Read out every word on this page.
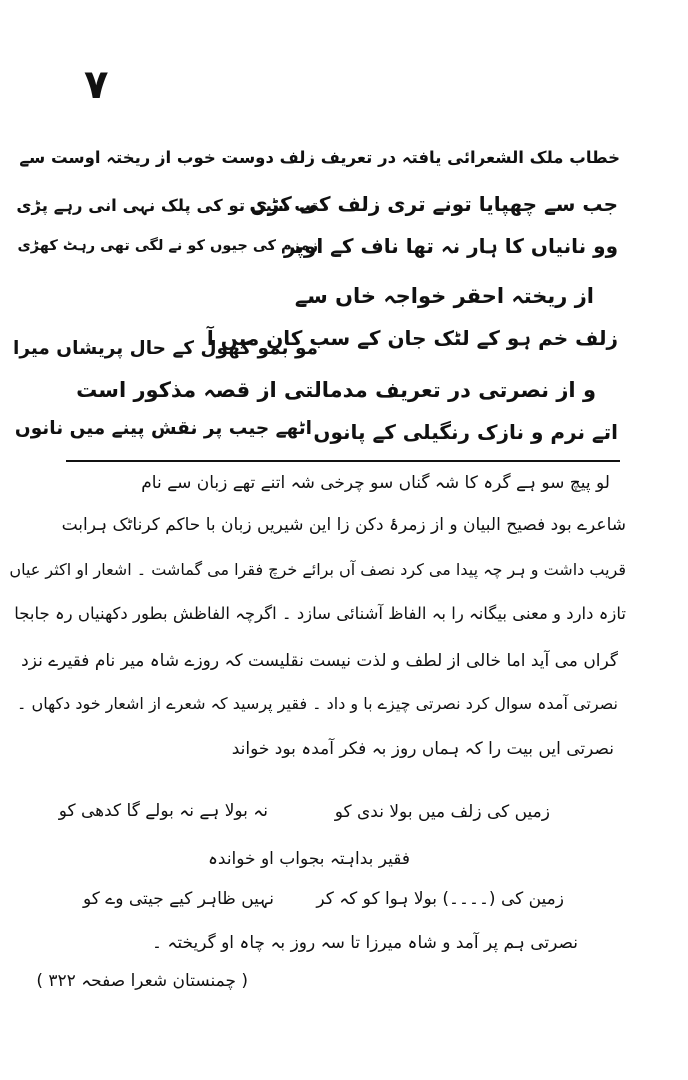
۷
خطاب ملک الشعرائی یافتہ در تعریف زلف دوست خوب از ریختہ اوست سے
جب سے چھپایا تونے تری زلف کی کڑی
تب سیں تو کی پلک نہی انی رہے پڑی
وو نانیاں کا ہار نہ تھا ناف کے اوپر
زمزم کی جیوں کو نے لگی تھی رہٹ کھڑی
از ریختہ احقر خواجہ خاں سے
زلف خم ہو کے لٹک جان کے سب کان میں آ
مو بمو کھول کے حال پریشاں میرا
و از نصرتی در تعریف مدمالتی از قصہ مذکور است
اتے نرم و نازک رنگیلی کے پانوں
اٹھے جیب پر نقش پینے میں نانوں
لو پیچ سو ہے گرہ کا شہ گناں سو چرخی شہ اتنے تھے زبان سے نام
شاعرے بود فصیح البیان و از زمرۂ دکن زا این شیریں زبان با حاکم کرناٹک ہرابت
قریب داشت و ہر چہ پیدا می کرد نصف آں برائے خرچ فقرا می گماشت ۔ اشعار او اکثر عیاں
تازہ دارد و معنی بیگانہ را بہ الفاظ آشنائی سازد ۔ اگرچہ الفاظش بطور دکھنیاں رہ جابجا
گراں می آید اما خالی از لطف و لذت نیست نقلیست کہ روزے شاہ میر نام فقیرے نزد
نصرتی آمدہ سوال کرد نصرتی چیزے با و داد ۔ فقیر پرسید کہ شعرے از اشعار خود دکھاں ۔
نصرتی ایں بیت را کہ ہماں روز بہ فکر آمدہ بود خواند
نہ بولا ہے نہ بولے گا کدھی کو	زمیں کی زلف میں بولا ندی کو
فقیر بداہتہ بجواب او خواندہ
نہیں ظاہر کیے جیتی وے کو زمین کی (۔۔۔۔) بولا ہوا کو کہ کر
نصرتی ہم پر آمد و شاہ میرزا تا سہ روز بہ چاہ او گریختہ ۔
( چمنستان شعرا صفحہ ۳۲۲ )
